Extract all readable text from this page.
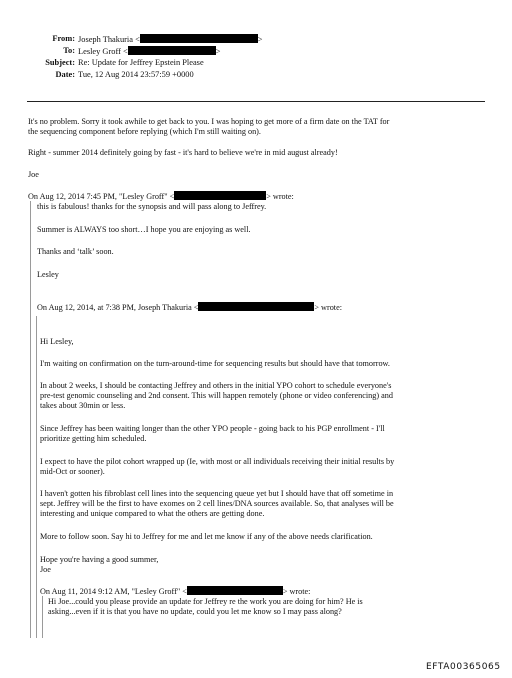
From: Joseph Thakuria <	>
To: Lesley Groff <	>
Subject: Re: Update for Jeffrey Epstein Please
Date: Tue, 12 Aug 2014 23:57:59 +0000
It's no problem. Sorry it took awhile to get back to you. I was hoping to get more of a firm date on the TAT for
the sequencing component before replying (which I'm still waiting on).
Right - summer 2014 definitely going by fast - it's hard to believe we're in mid august already!
Joe
On Aug 12, 2014 7:45 PM, "Lesley Groff" <	> wrote:
this is fabulous! thanks for the synopsis and will pass along to Jeffrey.
Summer is ALWAYS too short…I hope you are enjoying as well.
Thanks and ‘talk’ soon.
Lesley
On Aug 12, 2014, at 7:38 PM, Joseph Thakuria <	> wrote:
Hi Lesley,
I'm waiting on confirmation on the turn-around-time for sequencing results but should have that tomorrow.
In about 2 weeks, I should be contacting Jeffrey and others in the initial YPO cohort to schedule everyone's
pre-test genomic counseling and 2nd consent. This will happen remotely (phone or video conferencing) and
takes about 30min or less.
Since Jeffrey has been waiting longer than the other YPO people - going back to his PGP enrollment - I'll
prioritize getting him scheduled.
I expect to have the pilot cohort wrapped up (Ie, with most or all individuals receiving their initial results by
mid-Oct or sooner).
I haven't gotten his fibroblast cell lines into the sequencing queue yet but I should have that off sometime in
sept. Jeffrey will be the first to have exomes on 2 cell lines/DNA sources available. So, that analyses will be
interesting and unique compared to what the others are getting done.
More to follow soon. Say hi to Jeffrey for me and let me know if any of the above needs clarification.
Hope you're having a good summer,
Joe
On Aug 11, 2014 9:12 AM, "Lesley Groff" <	> wrote:
Hi Joe...could you please provide an update for Jeffrey re the work you are doing for him? He is
asking...even if it is that you have no update, could you let me know so I may pass along?
EFTA00365065
